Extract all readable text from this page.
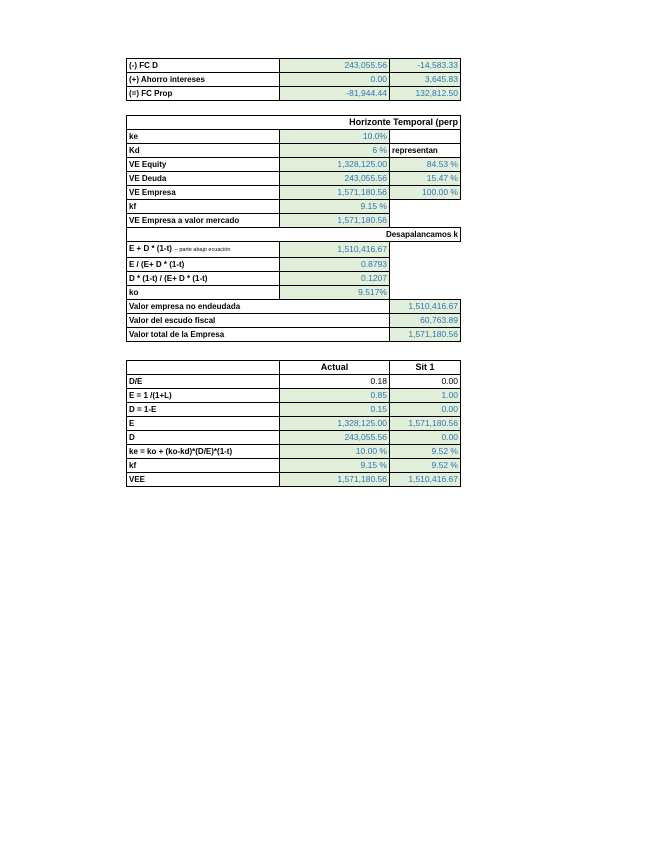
(-) FC D	243,055.56	-14,583.33
(+) Ahorro intereses	0.00	3,645.83
(=) FC Prop	-81,944.44	132,812.50
Horizonte Temporal (perp		
ke	10.0%	
Kd	6 %	representan
VE Equity	1,328,125.00	84.53 %
VE Deuda	243,055.56	15.47 %
VE Empresa	1,571,180.56	100.00 %
kf	9.15 %	
VE Empresa a valor mercado	1,571,180.56	
Desapalancamos k		
E + D * (1-t) -- parte abajo ecuación	1,510,416.67	
E / (E+ D * (1-t)	0.8793	
D * (1-t) / (E+ D * (1-t)	0.1207	
ko	9.517%	
Valor empresa no endeudada		1,510,416.67
Valor del escudo fiscal		60,763.89
Valor total de la Empresa		1,571,180.56
	Actual	Sit 1
D/E	0.18	0.00
E = 1 /(1+L)	0.85	1.00
D = 1-E	0.15	0.00
E	1,328,125.00	1,571,180.56
D	243,055.56	0.00
ke = ko + (ko-kd)*(D/E)*(1-t)	10.00 %	9.52 %
kf	9.15 %	9.52 %
VEE	1,571,180.56	1,510,416.67
